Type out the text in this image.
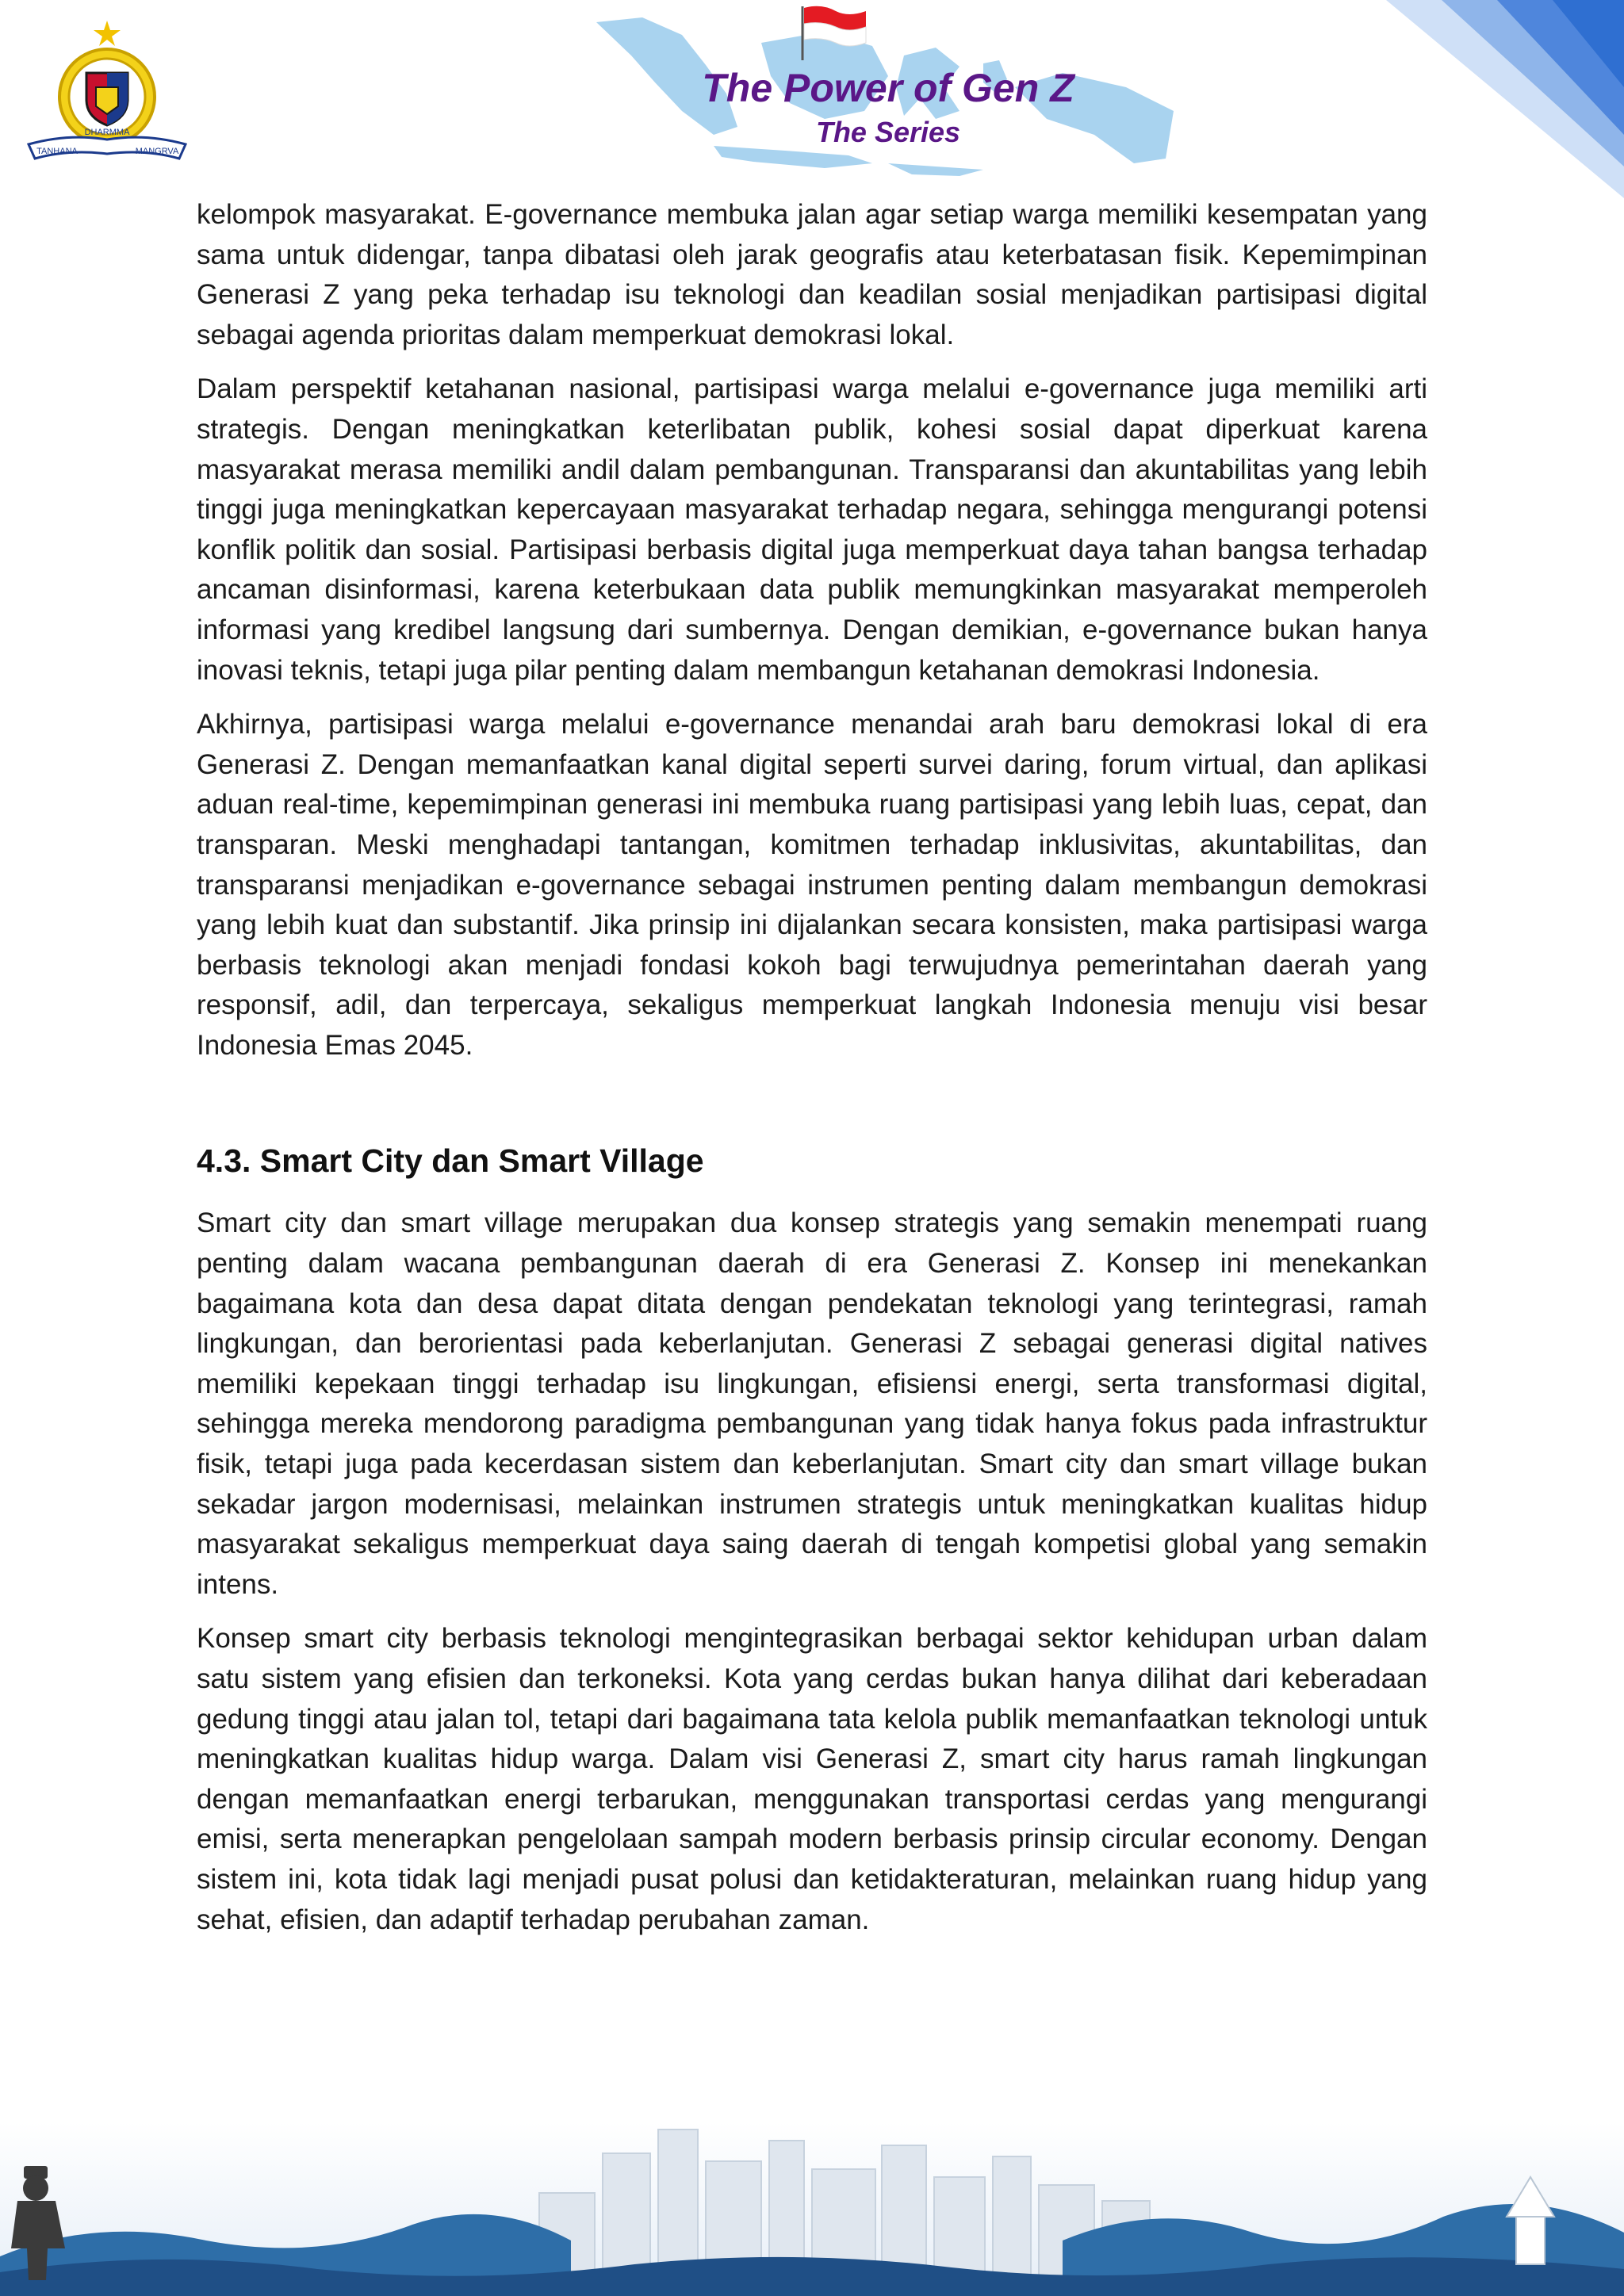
TANHANA
DHARMMA
MANGRVA
The Power of Gen Z
The Series

kelompok masyarakat. E-governance membuka jalan agar setiap warga memiliki kesempatan yang sama untuk didengar, tanpa dibatasi oleh jarak geografis atau keterbatasan fisik. Kepemimpinan Generasi Z yang peka terhadap isu teknologi dan keadilan sosial menjadikan partisipasi digital sebagai agenda prioritas dalam memperkuat demokrasi lokal.

Dalam perspektif ketahanan nasional, partisipasi warga melalui e-governance juga memiliki arti strategis. Dengan meningkatkan keterlibatan publik, kohesi sosial dapat diperkuat karena masyarakat merasa memiliki andil dalam pembangunan. Transparansi dan akuntabilitas yang lebih tinggi juga meningkatkan kepercayaan masyarakat terhadap negara, sehingga mengurangi potensi konflik politik dan sosial. Partisipasi berbasis digital juga memperkuat daya tahan bangsa terhadap ancaman disinformasi, karena keterbukaan data publik memungkinkan masyarakat memperoleh informasi yang kredibel langsung dari sumbernya. Dengan demikian, e-governance bukan hanya inovasi teknis, tetapi juga pilar penting dalam membangun ketahanan demokrasi Indonesia.

Akhirnya, partisipasi warga melalui e-governance menandai arah baru demokrasi lokal di era Generasi Z. Dengan memanfaatkan kanal digital seperti survei daring, forum virtual, dan aplikasi aduan real-time, kepemimpinan generasi ini membuka ruang partisipasi yang lebih luas, cepat, dan transparan. Meski menghadapi tantangan, komitmen terhadap inklusivitas, akuntabilitas, dan transparansi menjadikan e-governance sebagai instrumen penting dalam membangun demokrasi yang lebih kuat dan substantif. Jika prinsip ini dijalankan secara konsisten, maka partisipasi warga berbasis teknologi akan menjadi fondasi kokoh bagi terwujudnya pemerintahan daerah yang responsif, adil, dan terpercaya, sekaligus memperkuat langkah Indonesia menuju visi besar Indonesia Emas 2045.

4.3. Smart City dan Smart Village

Smart city dan smart village merupakan dua konsep strategis yang semakin menempati ruang penting dalam wacana pembangunan daerah di era Generasi Z. Konsep ini menekankan bagaimana kota dan desa dapat ditata dengan pendekatan teknologi yang terintegrasi, ramah lingkungan, dan berorientasi pada keberlanjutan. Generasi Z sebagai generasi digital natives memiliki kepekaan tinggi terhadap isu lingkungan, efisiensi energi, serta transformasi digital, sehingga mereka mendorong paradigma pembangunan yang tidak hanya fokus pada infrastruktur fisik, tetapi juga pada kecerdasan sistem dan keberlanjutan. Smart city dan smart village bukan sekadar jargon modernisasi, melainkan instrumen strategis untuk meningkatkan kualitas hidup masyarakat sekaligus memperkuat daya saing daerah di tengah kompetisi global yang semakin intens.

Konsep smart city berbasis teknologi mengintegrasikan berbagai sektor kehidupan urban dalam satu sistem yang efisien dan terkoneksi. Kota yang cerdas bukan hanya dilihat dari keberadaan gedung tinggi atau jalan tol, tetapi dari bagaimana tata kelola publik memanfaatkan teknologi untuk meningkatkan kualitas hidup warga. Dalam visi Generasi Z, smart city harus ramah lingkungan dengan memanfaatkan energi terbarukan, menggunakan transportasi cerdas yang mengurangi emisi, serta menerapkan pengelolaan sampah modern berbasis prinsip circular economy. Dengan sistem ini, kota tidak lagi menjadi pusat polusi dan ketidakteraturan, melainkan ruang hidup yang sehat, efisien, dan adaptif terhadap perubahan zaman.
